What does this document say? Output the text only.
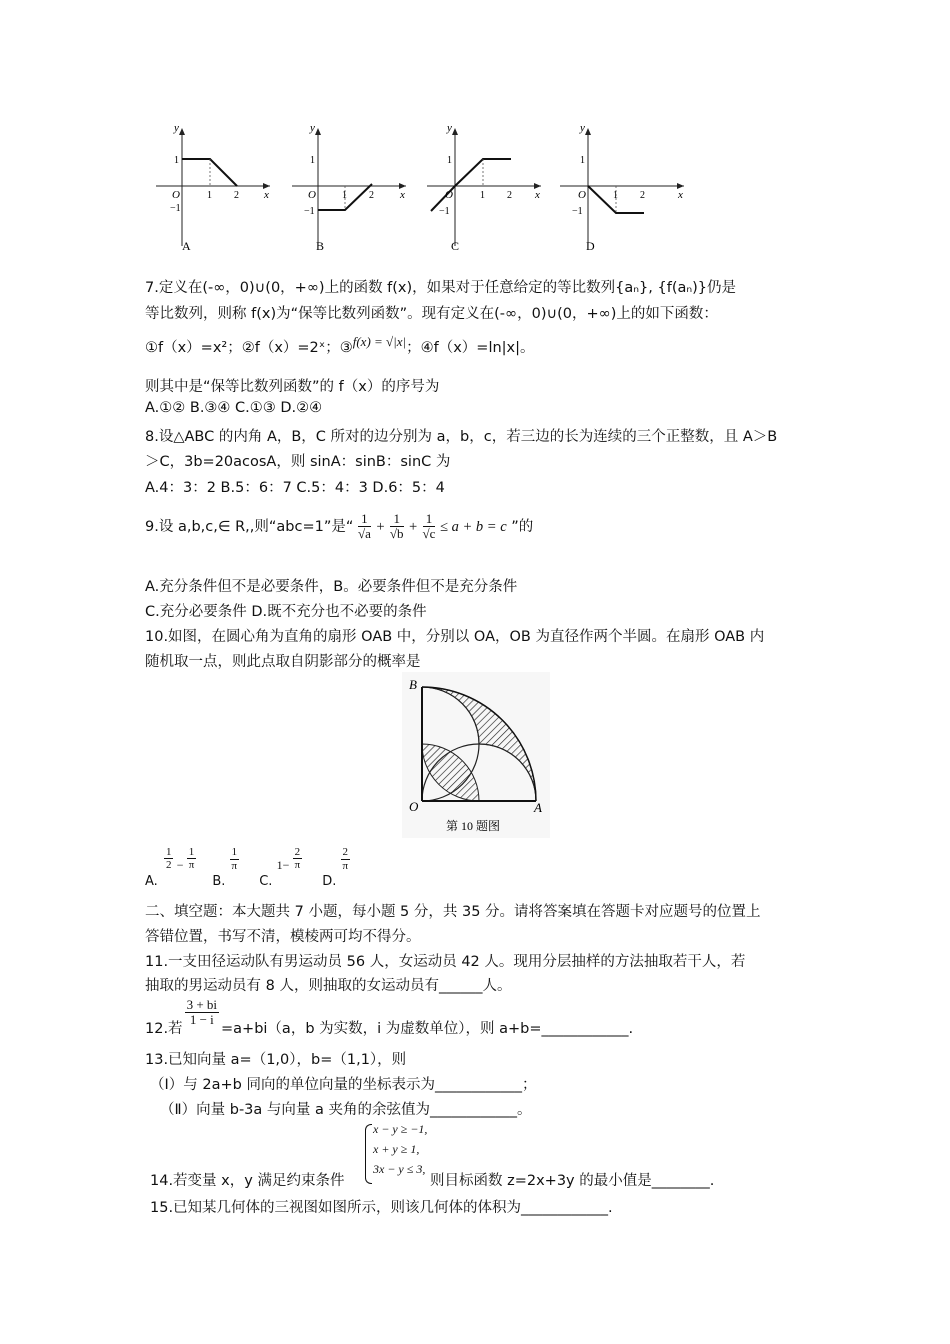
y
x
O
1
1 2
−1
A
y
x
O
1
1 2
−1
B
y
x
O
1
1 2
−1
C
y
x
O
1
1 2
−1
D
7.定义在(-∞，0)∪(0，+∞)上的函数 f(x)，如果对于任意给定的等比数列{aₙ}, {f(aₙ)}仍是
等比数列，则称 f(x)为“保等比数列函数”。现有定义在(-∞，0)∪(0，+∞)上的如下函数：
①f（x）=x²；②f（x）=2ˣ；③f(x) = √|x|；④f（x）=ln|x|。
则其中是“保等比数列函数”的 f（x）的序号为
A.①② B.③④ C.①③ D.②④
8.设△ABC 的内角 A，B，C 所对的边分别为 a，b，c，若三边的长为连续的三个正整数，且 A＞B
＞C，3b=20acosA，则 sinA：sinB：sinC 为
A.4：3：2 B.5：6：7 C.5：4：3 D.6：5：4
9.设 a,b,c,∈ R,,则“abc=1”是“ $\frac{1}{√a} + \frac{1}{√b} + \frac{1}{√c} \le a + b = c$ ”的
A.充分条件但不是必要条件，B。必要条件但不是充分条件
C.充分必要条件 D.既不充分也不必要的条件
10.如图，在圆心角为直角的扇形 OAB 中，分别以 OA，OB 为直径作两个半圆。在扇形 OAB 内
随机取一点，则此点取自阴影部分的概率是
B
O	A
第 10 题图
A.
$\frac{1}{2} - \frac{1}{\pi}$
B.
$\frac{1}{\pi}$
C. $1- \frac{2}{\pi}$
D.
$\frac{2}{\pi}$
二、填空题：本大题共 7 小题，每小题 5 分，共 35 分。请将答案填在答题卡对应题号的位置上
答错位置，书写不清，模棱两可均不得分。
11.一支田径运动队有男运动员 56 人，女运动员 42 人。现用分层抽样的方法抽取若干人，若
抽取的男运动员有 8 人，则抽取的女运动员有______人。
12.若
$\frac{3 + bi}{1 - i}$
=a+bi（a，b 为实数，i 为虚数单位），则 a+b=____________.
13.已知向量 a=（1,0），b=（1,1），则
（Ⅰ）与 2a+b 同向的单位向量的坐标表示为____________；
（Ⅱ）向量 b-3a 与向量 a 夹角的余弦值为____________。
x − y ≥ −1,
x + y ≥ 1,
3x − y ≤ 3,
14.若变量 x，y 满足约束条件	则目标函数 z=2x+3y 的最小值是________.
15.已知某几何体的三视图如图所示，则该几何体的体积为____________.
